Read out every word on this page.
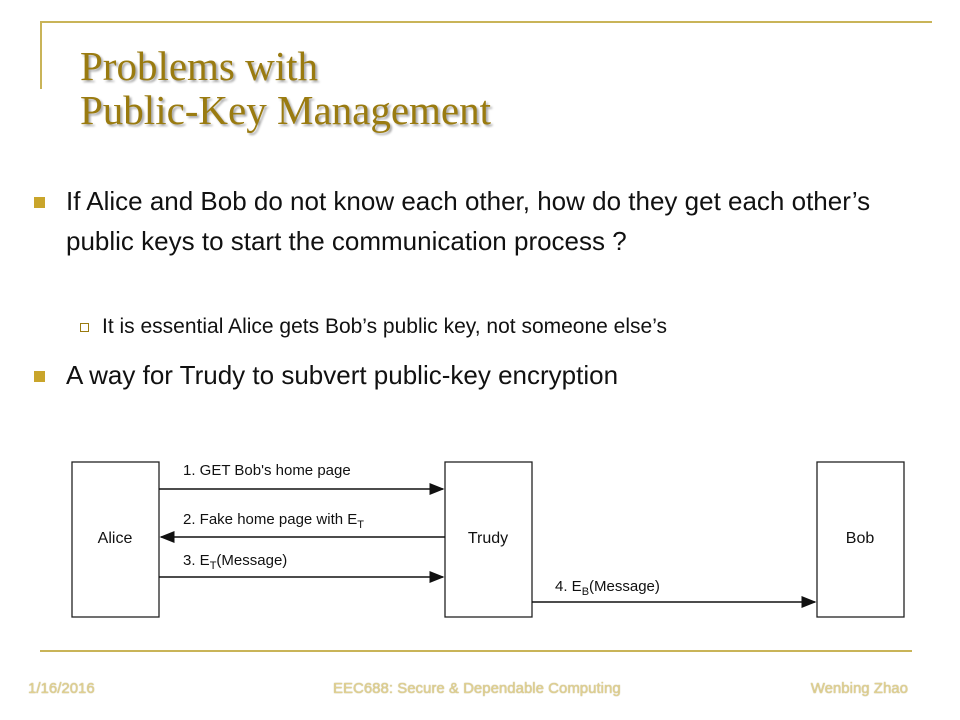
Problems with
Public-Key Management
If Alice and Bob do not know each other, how do they get each other’s public keys to start the communication process ?
It is essential Alice gets Bob’s public key, not someone else’s
A way for Trudy to subvert public-key encryption
Alice	Trudy	Bob
1. GET Bob's home page
2. Fake home page with $E_T$
3. $E_T(Message)$
4. $E_B(Message)$
1/16/2016	EEC688: Secure & Dependable Computing	Wenbing Zhao
